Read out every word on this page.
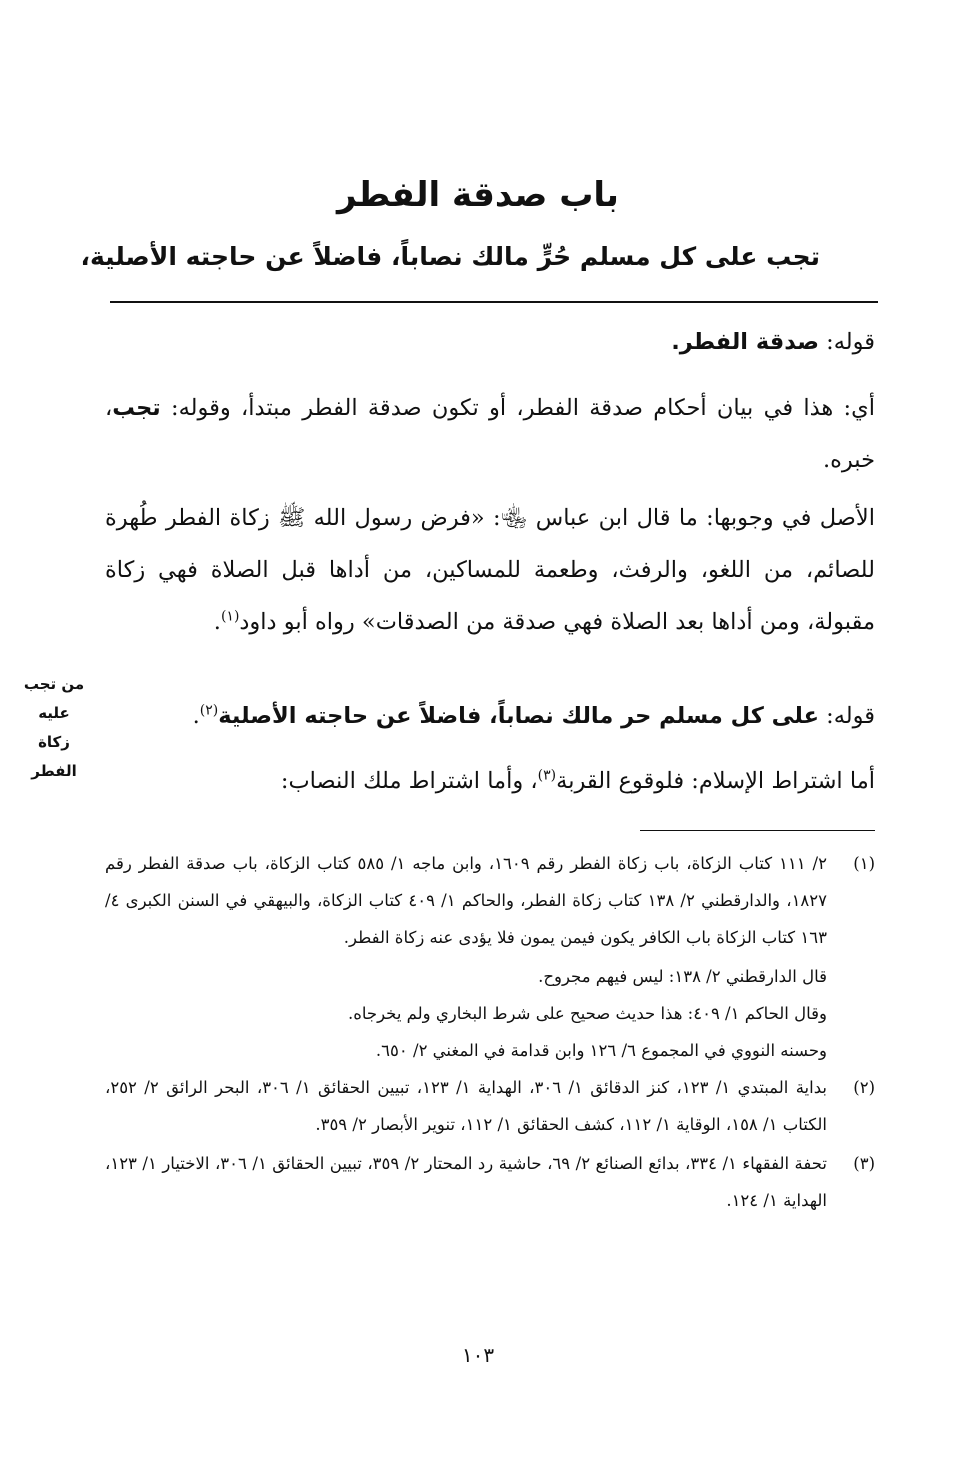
باب صدقة الفطر
تجب على كل مسلم حُرٍّ مالك نصاباً، فاضلاً عن حاجته الأصلية،
قوله: صدقة الفطر.
أي: هذا في بيان أحكام صدقة الفطر، أو تكون صدقة الفطر مبتدأ، وقوله: تجب، خبره.
الأصل في وجوبها: ما قال ابن عباس ﵄: «فرض رسول الله ﷺ زكاة الفطر طُهرة للصائم، من اللغو، والرفث، وطعمة للمساكين، من أداها قبل الصلاة فهي زكاة مقبولة، ومن أداها بعد الصلاة فهي صدقة من الصدقات» رواه أبو داود$^{(١)}$.
من تجب
عليه
زكاة
الفطر
قوله: على كل مسلم حر مالك نصاباً، فاضلاً عن حاجته الأصلية$^{(٢)}$.
أما اشتراط الإسلام: فلوقوع القربة$^{(٣)}$، وأما اشتراط ملك النصاب:
(١)
٢/ ١١١ كتاب الزكاة، باب زكاة الفطر رقم ١٦٠٩، وابن ماجه ١/ ٥٨٥ كتاب الزكاة، باب صدقة الفطر رقم ١٨٢٧، والدارقطني ٢/ ١٣٨ كتاب زكاة الفطر، والحاكم ١/ ٤٠٩ كتاب الزكاة، والبيهقي في السنن الكبرى ٤/ ١٦٣ كتاب الزكاة باب الكافر يكون فيمن يمون فلا يؤدى عنه زكاة الفطر.
قال الدارقطني ٢/ ١٣٨: ليس فيهم مجروح.
وقال الحاكم ١/ ٤٠٩: هذا حديث صحيح على شرط البخاري ولم يخرجاه.
وحسنه النووي في المجموع ٦/ ١٢٦ وابن قدامة في المغني ٢/ ٦٥٠.
(٢)
بداية المبتدي ١/ ١٢٣، كنز الدقائق ١/ ٣٠٦، الهداية ١/ ١٢٣، تبيين الحقائق ١/ ٣٠٦، البحر الرائق ٢/ ٢٥٢، الكتاب ١/ ١٥٨، الوقاية ١/ ١١٢، كشف الحقائق ١/ ١١٢، تنوير الأبصار ٢/ ٣٥٩.
(٣)
تحفة الفقهاء ١/ ٣٣٤، بدائع الصنائع ٢/ ٦٩، حاشية رد المحتار ٢/ ٣٥٩، تبيين الحقائق ١/ ٣٠٦، الاختيار ١/ ١٢٣، الهداية ١/ ١٢٤.
١٠٣
